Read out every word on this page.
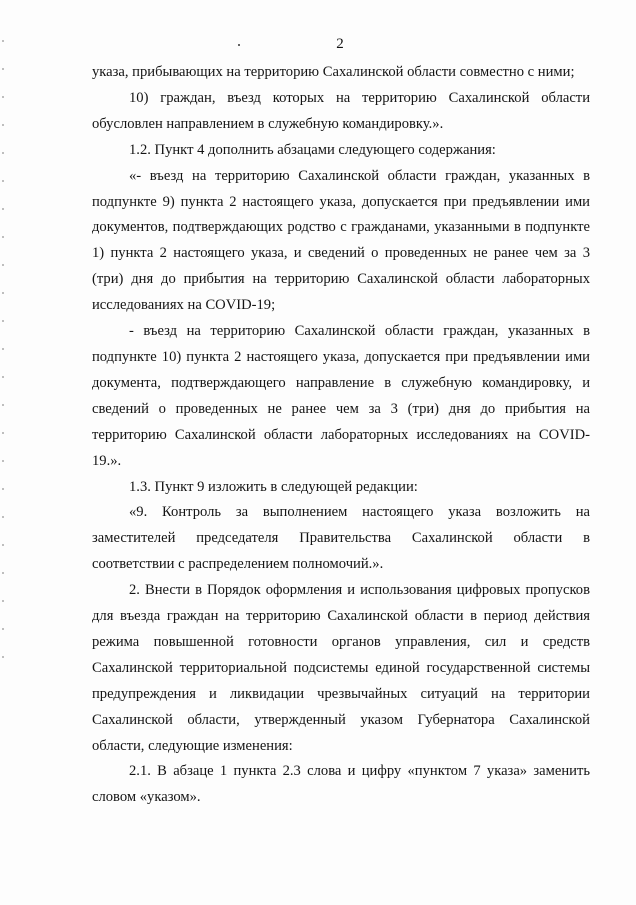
2

указа, прибывающих на территорию Сахалинской области совместно с ними;

10) граждан, въезд которых на территорию Сахалинской области обусловлен направлением в служебную командировку.».

1.2. Пункт 4 дополнить абзацами следующего содержания:

«- въезд на территорию Сахалинской области граждан, указанных в подпункте 9) пункта 2 настоящего указа, допускается при предъявлении ими документов, подтверждающих родство с гражданами, указанными в подпункте 1) пункта 2 настоящего указа, и сведений о проведенных не ранее чем за 3 (три) дня до прибытия на территорию Сахалинской области лабораторных исследованиях на COVID-19;

- въезд на территорию Сахалинской области граждан, указанных в подпункте 10) пункта 2 настоящего указа, допускается при предъявлении ими документа, подтверждающего направление в служебную командировку, и сведений о проведенных не ранее чем за 3 (три) дня до прибытия на территорию Сахалинской области лабораторных исследованиях на COVID-19.».

1.3. Пункт 9 изложить в следующей редакции:

«9. Контроль за выполнением настоящего указа возложить на заместителей председателя Правительства Сахалинской области в соответствии с распределением полномочий.».

2. Внести в Порядок оформления и использования цифровых пропусков для въезда граждан на территорию Сахалинской области в период действия режима повышенной готовности органов управления, сил и средств Сахалинской территориальной подсистемы единой государственной системы предупреждения и ликвидации чрезвычайных ситуаций на территории Сахалинской области, утвержденный указом Губернатора Сахалинской области, следующие изменения:

2.1. В абзаце 1 пункта 2.3 слова и цифру «пунктом 7 указа» заменить словом «указом».
